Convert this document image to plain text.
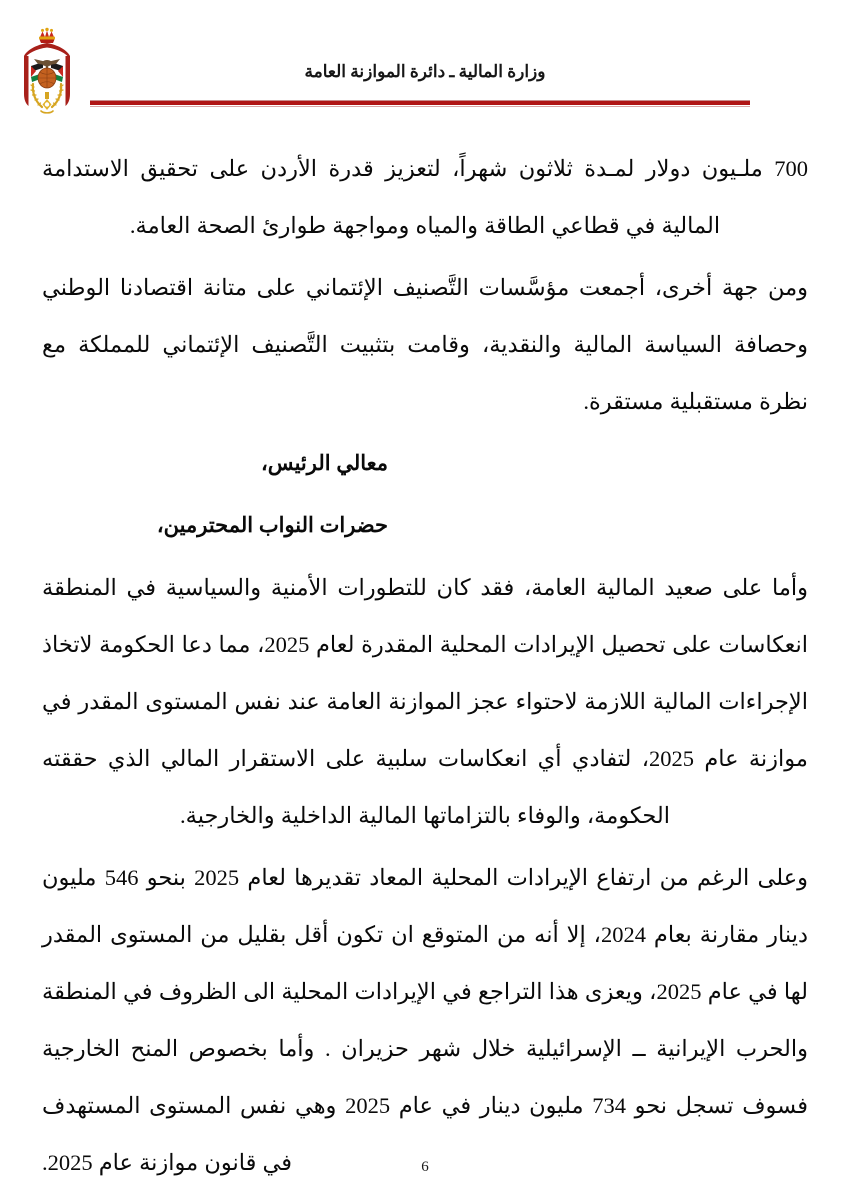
وزارة المالية ـ دائرة الموازنة العامة

700 ملـيون دولار لمـدة ثلاثون شهراً، لتعزيز قدرة الأردن على تحقيق الاستدامة المالية في قطاعي الطاقة والمياه ومواجهة طوارئ الصحة العامة.

ومن جهة أخرى، أجمعت مؤسَّسات التَّصنيف الإئتماني على متانة اقتصادنا الوطني وحصافة السياسة المالية والنقدية، وقامت بتثبيت التَّصنيف الإئتماني للمملكة مع نظرة مستقبلية مستقرة.

معالي الرئيس،

حضرات النواب المحترمين،

وأما على صعيد المالية العامة، فقد كان للتطورات الأمنية والسياسية في المنطقة انعكاسات على تحصيل الإيرادات المحلية المقدرة لعام 2025، مما دعا الحكومة لاتخاذ الإجراءات المالية اللازمة لاحتواء عجز الموازنة العامة عند نفس المستوى المقدر في موازنة عام 2025، لتفادي أي انعكاسات سلبية على الاستقرار المالي الذي حققته الحكومة، والوفاء بالتزاماتها المالية الداخلية والخارجية.

وعلى الرغم من ارتفاع الإيرادات المحلية المعاد تقديرها لعام 2025 بنحو 546 مليون دينار مقارنة بعام 2024، إلا أنه من المتوقع ان تكون أقل بقليل من المستوى المقدر لها في عام 2025، ويعزى هذا التراجع في الإيرادات المحلية الى الظروف في المنطقة والحرب الإيرانية ــ الإسرائيلية خلال شهر حزيران . وأما بخصوص المنح الخارجية فسوف تسجل نحو 734 مليون دينار في عام 2025 وهي نفس المستوى المستهدف في قانون موازنة عام 2025.	6
